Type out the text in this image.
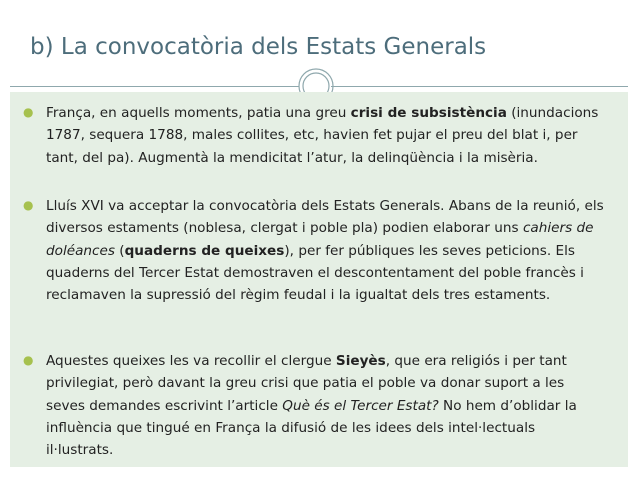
b) La convocatòria dels Estats Generals
● França, en aquells moments, patia una greu crisi de subsistència (inundacions 1787, sequera 1788, males collites, etc, havien fet pujar el preu del blat i, per tant, del pa). Augmentà la mendicitat l’atur, la delinqüència i la misèria.
● Lluís XVI va acceptar la convocatòria dels Estats Generals. Abans de la reunió, els diversos estaments (noblesa, clergat i poble pla) podien elaborar uns cahiers de doléances (quaderns de queixes), per fer públiques les seves peticions. Els quaderns del Tercer Estat demostraven el descontentament del poble francès i reclamaven la supressió del règim feudal i la igualtat dels tres estaments.
● Aquestes queixes les va recollir el clergue Sieyès, que era religiós i per tant privilegiat, però davant la greu crisi que patia el poble va donar suport a les seves demandes escrivint l’article Què és el Tercer Estat? No hem d’oblidar la influència que tingué en França la difusió de les idees dels intel·lectuals il·lustrats.
